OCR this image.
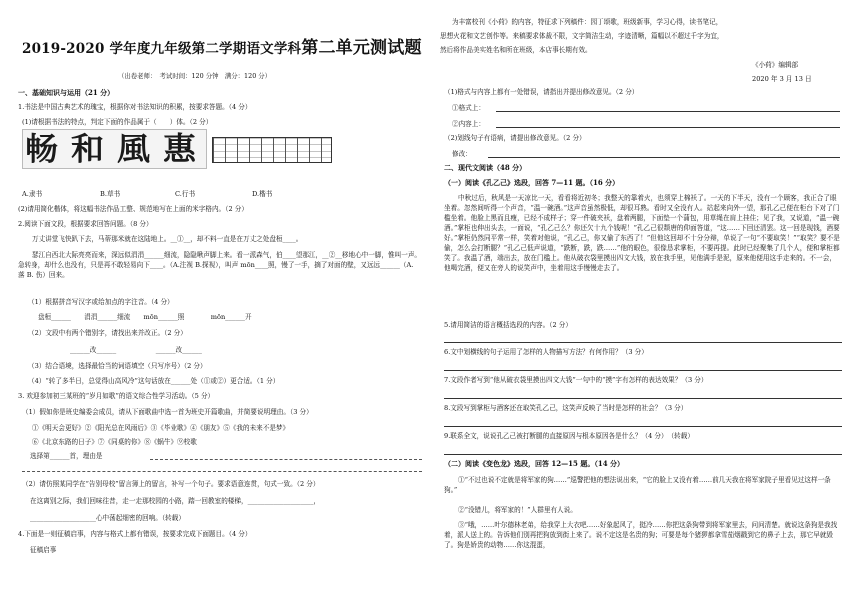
2019-2020 学年度九年级第二学期语文学科第二单元测试题
（出卷老师：　考试时间：120 分钟　满分：120 分）
一、基础知识与运用（21 分）
1.书法是中国古典艺术的瑰宝，根据你对书法知识的积累，按要求答题。（4 分）
(1)请根据书法的特点，判定下面的作品属于（　　）体。（2 分）
畅 和 風 惠
A.隶书	B.草书	C.行书	D.楷书
(2)请用简化楷体，将这幅书法作品工整、规范地写在上面的米字格内。（2 分）
2.阅读下面文段，根据要求回答问题。（8 分）
万丈讲堂飞快趴下去，马蒂那米就在这陆地上。__①__，却不料一直是在万丈之处盘桓____。
瑟江自西北大际亮亮而来，深远似涓涓______细流，隐隐啾声脚上来。看一派森气，伯____望那江，__②__移地心中一脚，惟叫一声。急转身，却什么也没有，只是再不敢轻易向下____。（A.注视 B.探视），叫声 mōn____照，慢了一手，摘了对面的壁，又远远______（A. 落 B. 伤）回来。
（1）根据拼音写汉字或给加点的字注音。（4 分）
盘桓______　　涓涓______细流　　mōn______照　　　　mōn______开
（2）文段中有两个错别字，请找出来并改正。（2 分）
______改______　　　　　　______改______
（3）结合语境，选择最恰当的词语填空（只写序号）（2 分）
（4）“转了多半日，总觉得山高风冷”这句话放在______处（①或②）更合适。（1 分）
3. 欢迎参加初三某班的“岁月如歌”的语文综合性学习活动。（5 分）
（1）假如你是班史编委会成员，请从下面歌曲中选一首为班史开篇歌曲，并简要说明理由。（3 分）
①《明天会更好》②《阳光总在风雨后》③《毕业歌》④《朋友》⑤《我的未来不是梦》
⑥《北京东路的日子》⑦《同桌的你》⑧《蜗牛》⑨校歌
选择第______首，理由是
（2）请仿照某同学在“告别母校”留言簿上的留言，补写一个句子。要求语意连贯，句式一致。（2 分）
在这离别之际，我们回味往昔，走一走那校园的小路，踏一回教室的楼梯，____________________，
____________________心中荡起细密的回响。（转载）
4.下面是一则征稿启事，内容与格式上都有错误，按要求完成下面题目。（4 分）
征稿启事
为丰富校刊《小荷》的内容，特征求下列稿件：园丁颂歌，班级新事，学习心得，读书笔记，
思想火花和文艺创作等。来稿要求体裁不限，文字简洁生动，字迹清晰，篇幅以不超过千字为宜，
然后将作品美实姓名和所在班级，本店事长期有效。
《小荷》编辑部
2020 年 3 月 13 日
（1)格式与内容上都有一处错误，请指出并提出修改意见。（2 分）
①格式上：
②内容上：
（2)划线句子有语病，请提出修改意见。（2 分）
修改：
二、现代文阅读（48 分）
（一）阅读《孔乙己》选段，回答 7—11 题。（16 分）
中秋过后，秋风是一天凉比一天，看看将近初冬；我整天的靠着火，也须穿上棉袄了。一天的下半天，没有一个顾客，我正合了眼坐着。忽然间听得一个声音，“温一碗酒。”这声音虽然极低，却很耳熟。看时又全没有人。站起来向外一望，那孔乙己便在柜台下对了门槛坐着。他脸上黑而且瘦，已经不成样子；穿一件破夹袄，盘着两腿，下面垫一个蒲包，用草绳在肩上挂住；见了我，又说道，“温一碗酒。”掌柜也伸出头去，一面说，“孔乙己么？你还欠十九个钱呢！”孔乙己很颓唐的仰面答道，“这……下回还清罢。这一回是现钱，酒要好。”掌柜仍然同平常一样，笑着对他说，“孔乙己，你又偷了东西了！”但他这回却不十分分辩，单说了一句“不要取笑！”“取笑？要不是偷，怎么会打断腿？”孔乙己低声说道，“跌断，跌，跌……”他的眼色，很像恳求掌柜，不要再提。此时已经聚集了几个人，便和掌柜都笑了。我温了酒，端出去，放在门槛上。他从破衣袋里摸出四文大钱，放在我手里，见他满手是泥，原来他便用这手走来的。不一会，他喝完酒，便又在旁人的说笑声中，坐着用这手慢慢走去了。
5.请用简洁的语言概括选段的内容。（2 分）
6.文中划横线的句子运用了怎样的人物描写方法？有何作用？（3 分）
7.文段作者写到“他从破衣袋里摸出四文大钱”一句中的“摸”字有怎样的表达效果？（3 分）
8.文段写到掌柜与酒客还在取笑孔乙己，这笑声反映了当时是怎样的社会？（3 分）
9.联系全文，说说孔乙己被打断腿的直接原因与根本原因各是什么？（4 分）　（转载）
（二）阅读《变色龙》选段，回答 12—15 题。（14 分）
①“不过也说不定就是将军家的狗……”巡警把他的想法说出来，“它的脸上又没有着……前几天我在将军家院子里看见过这样一条狗。”
②“没错儿，将军家的！”人群里有人说。
③“哦，……叶尔德林老弟，给我穿上大衣吧……好象起风了，挺冷……你把这条狗带到将军家里去，问问清楚。就说这条狗是我找着，派人送上的。告诉他们别再把狗放到街上来了。说不定这是名贵的狗；可要是每个猪猡都拿雪茄烟戳到它的鼻子上去，那它早就毁了。狗是娇贵的动物……你这混蛋，
